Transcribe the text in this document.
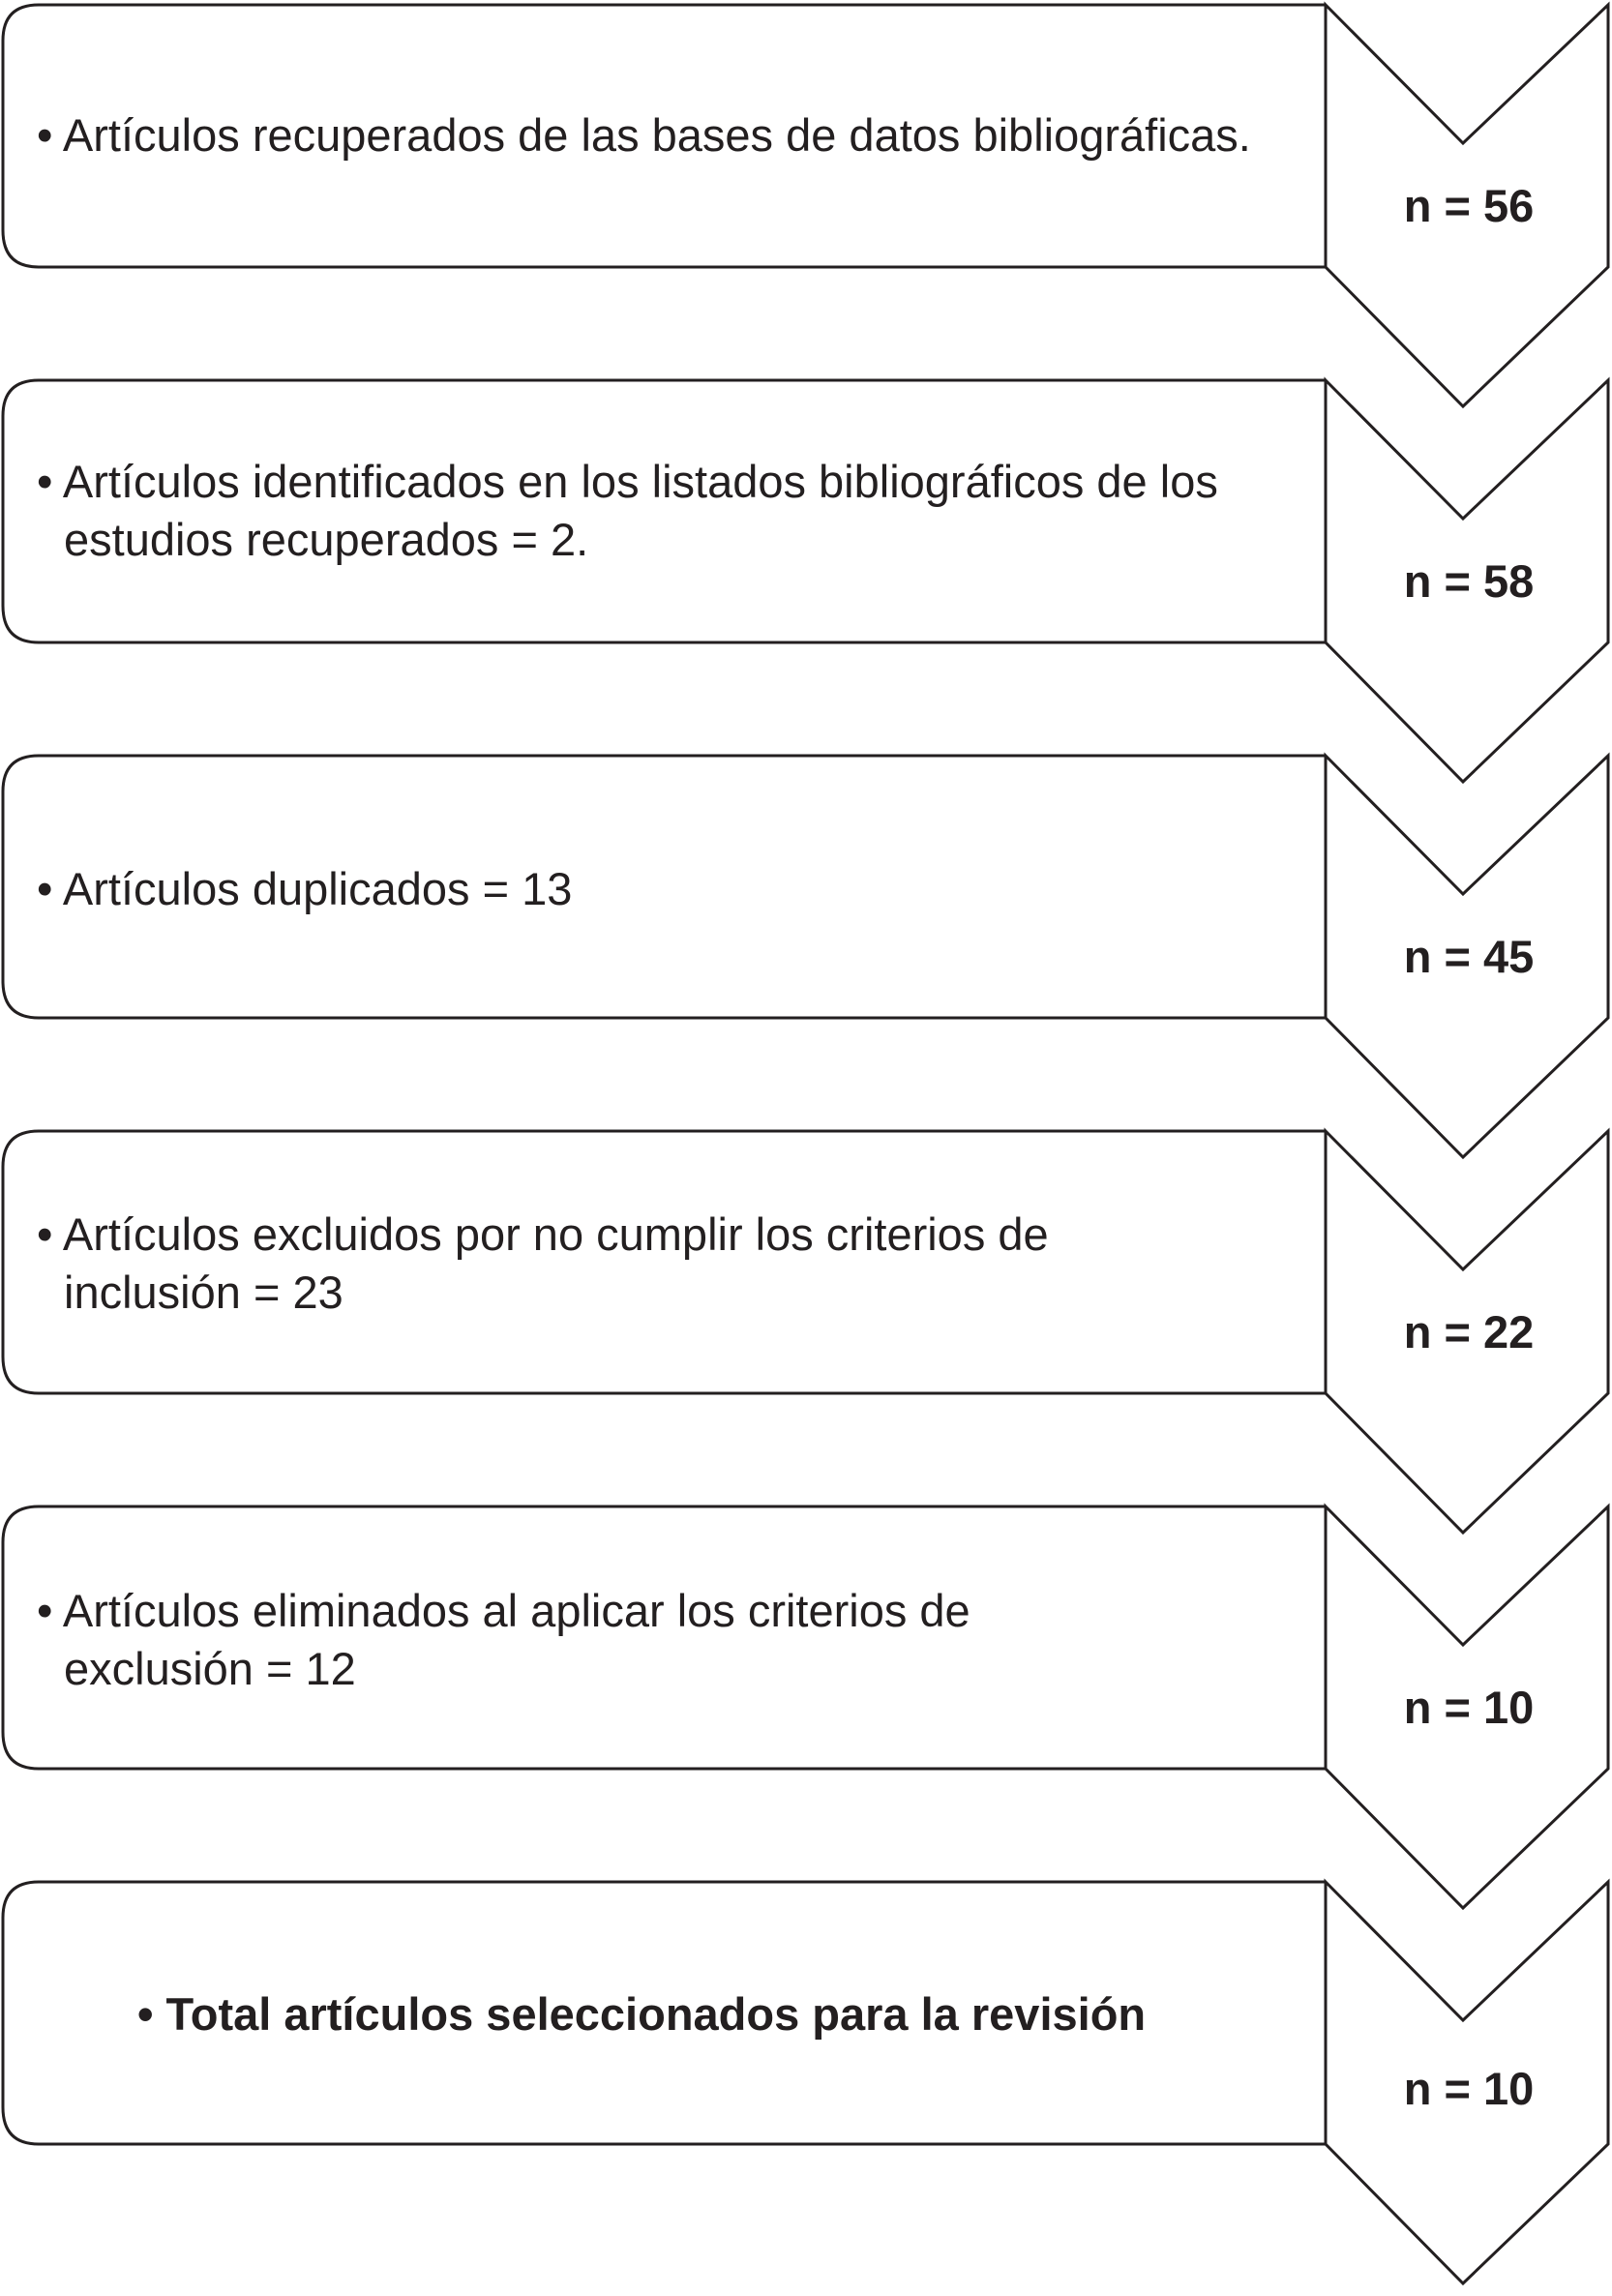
• Artículos recuperados de las bases de datos bibliográficas.
n = 56
• Artículos identificados en los listados bibliográficos de los estudios recuperados = 2.
n = 58
• Artículos duplicados = 13
n = 45
• Artículos excluidos por no cumplir los criterios de inclusión = 23
n = 22
• Artículos eliminados al aplicar los criterios de exclusión = 12
n = 10
• Total artículos seleccionados para la revisión
n = 10
